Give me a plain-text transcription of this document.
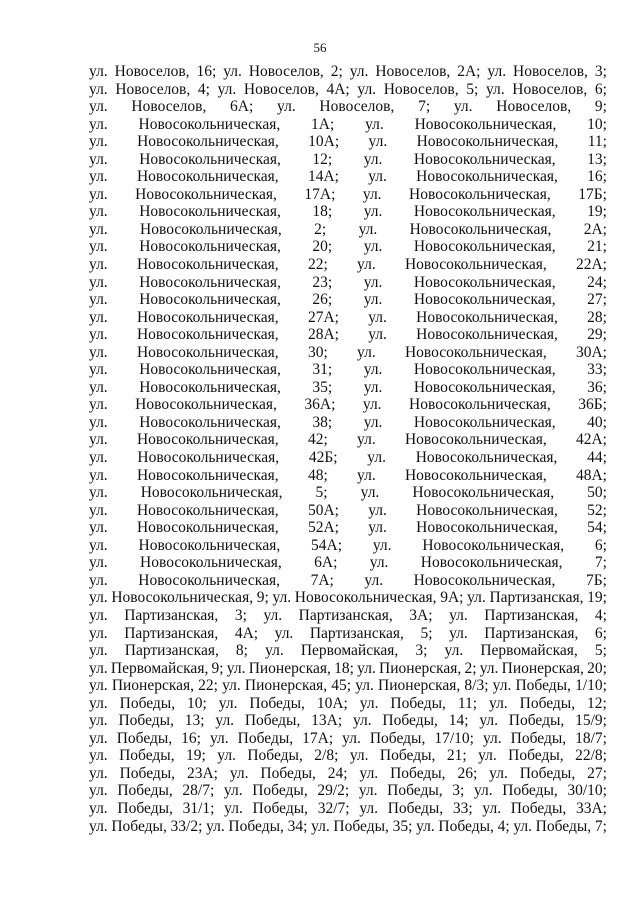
56
ул. Новоселов, 16; ул. Новоселов, 2; ул. Новоселов, 2А; ул. Новоселов, 3;
ул. Новоселов, 4; ул. Новоселов, 4А; ул. Новоселов, 5; ул. Новоселов, 6;
ул. Новоселов, 6А; ул. Новоселов, 7; ул. Новоселов, 9;
ул. Новосокольническая, 1А; ул. Новосокольническая, 10;
ул. Новосокольническая, 10А; ул. Новосокольническая, 11;
ул. Новосокольническая, 12; ул. Новосокольническая, 13;
ул. Новосокольническая, 14А; ул. Новосокольническая, 16;
ул. Новосокольническая, 17А; ул. Новосокольническая, 17Б;
ул. Новосокольническая, 18; ул. Новосокольническая, 19;
ул. Новосокольническая, 2; ул. Новосокольническая, 2А;
ул. Новосокольническая, 20; ул. Новосокольническая, 21;
ул. Новосокольническая, 22; ул. Новосокольническая, 22А;
ул. Новосокольническая, 23; ул. Новосокольническая, 24;
ул. Новосокольническая, 26; ул. Новосокольническая, 27;
ул. Новосокольническая, 27А; ул. Новосокольническая, 28;
ул. Новосокольническая, 28А; ул. Новосокольническая, 29;
ул. Новосокольническая, 30; ул. Новосокольническая, 30А;
ул. Новосокольническая, 31; ул. Новосокольническая, 33;
ул. Новосокольническая, 35; ул. Новосокольническая, 36;
ул. Новосокольническая, 36А; ул. Новосокольническая, 36Б;
ул. Новосокольническая, 38; ул. Новосокольническая, 40;
ул. Новосокольническая, 42; ул. Новосокольническая, 42А;
ул. Новосокольническая, 42Б; ул. Новосокольническая, 44;
ул. Новосокольническая, 48; ул. Новосокольническая, 48А;
ул. Новосокольническая, 5; ул. Новосокольническая, 50;
ул. Новосокольническая, 50А; ул. Новосокольническая, 52;
ул. Новосокольническая, 52А; ул. Новосокольническая, 54;
ул. Новосокольническая, 54А; ул. Новосокольническая, 6;
ул. Новосокольническая, 6А; ул. Новосокольническая, 7;
ул. Новосокольническая, 7А; ул. Новосокольническая, 7Б;
ул. Новосокольническая, 9; ул. Новосокольническая, 9А; ул. Партизанская, 19;
ул. Партизанская, 3; ул. Партизанская, 3А; ул. Партизанская, 4;
ул. Партизанская, 4А; ул. Партизанская, 5; ул. Партизанская, 6;
ул. Партизанская, 8; ул. Первомайская, 3; ул. Первомайская, 5;
ул. Первомайская, 9; ул. Пионерская, 18; ул. Пионерская, 2; ул. Пионерская, 20;
ул. Пионерская, 22; ул. Пионерская, 45; ул. Пионерская, 8/3; ул. Победы, 1/10;
ул. Победы, 10; ул. Победы, 10А; ул. Победы, 11; ул. Победы, 12;
ул. Победы, 13; ул. Победы, 13А; ул. Победы, 14; ул. Победы, 15/9;
ул. Победы, 16; ул. Победы, 17А; ул. Победы, 17/10; ул. Победы, 18/7;
ул. Победы, 19; ул. Победы, 2/8; ул. Победы, 21; ул. Победы, 22/8;
ул. Победы, 23А; ул. Победы, 24; ул. Победы, 26; ул. Победы, 27;
ул. Победы, 28/7; ул. Победы, 29/2; ул. Победы, 3; ул. Победы, 30/10;
ул. Победы, 31/1; ул. Победы, 32/7; ул. Победы, 33; ул. Победы, 33А;
ул. Победы, 33/2; ул. Победы, 34; ул. Победы, 35; ул. Победы, 4; ул. Победы, 7;
